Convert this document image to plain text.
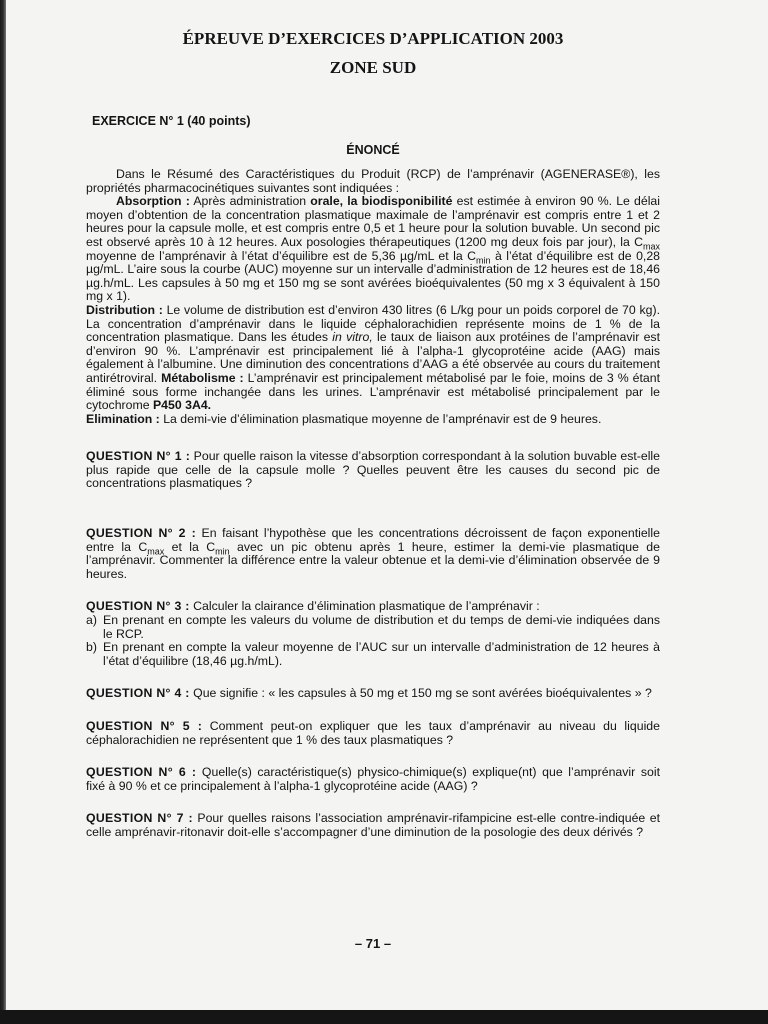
ÉPREUVE D’EXERCICES D’APPLICATION 2003
ZONE SUD
EXERCICE N° 1 (40 points)
ÉNONCÉ

Dans le Résumé des Caractéristiques du Produit (RCP) de l’amprénavir (AGENERASE®), les propriétés pharmacocinétiques suivantes sont indiquées :

Absorption : Après administration orale, la biodisponibilité est estimée à environ 90 %. Le délai moyen d’obtention de la concentration plasmatique maximale de l’amprénavir est compris entre 1 et 2 heures pour la capsule molle, et est compris entre 0,5 et 1 heure pour la solution buvable. Un second pic est observé après 10 à 12 heures. Aux posologies thérapeutiques (1200 mg deux fois par jour), la $C_{max}$ moyenne de l’amprénavir à l’état d’équilibre est de 5,36 µg/mL et la $C_{min}$ à l’état d’équilibre est de 0,28 µg/mL. L’aire sous la courbe (AUC) moyenne sur un intervalle d’administration de 12 heures est de 18,46 µg.h/mL. Les capsules à 50 mg et 150 mg se sont avérées bioéquivalentes (50 mg x 3 équivalent à 150 mg x 1).

Distribution : Le volume de distribution est d’environ 430 litres (6 L/kg pour un poids corporel de 70 kg). La concentration d’amprénavir dans le liquide céphalorachidien représente moins de 1 % de la concentration plasmatique. Dans les études in vitro, le taux de liaison aux protéines de l’amprénavir est d’environ 90 %. L’amprénavir est principalement lié à l’alpha-1 glycoprotéine acide (AAG) mais également à l’albumine. Une diminution des concentrations d’AAG a été observée au cours du traitement antirétroviral. Métabolisme : L’amprénavir est principalement métabolisé par le foie, moins de 3 % étant éliminé sous forme inchangée dans les urines. L’amprénavir est métabolisé principalement par le cytochrome P450 3A4.

Elimination : La demi-vie d’élimination plasmatique moyenne de l’amprénavir est de 9 heures.

QUESTION N° 1 : Pour quelle raison la vitesse d’absorption correspondant à la solution buvable est-elle plus rapide que celle de la capsule molle ? Quelles peuvent être les causes du second pic de concentrations plasmatiques ?

QUESTION N° 2 : En faisant l’hypothèse que les concentrations décroissent de façon exponentielle entre la $C_{max}$ et la $C_{min}$ avec un pic obtenu après 1 heure, estimer la demi-vie plasmatique de l’amprénavir. Commenter la différence entre la valeur obtenue et la demi-vie d’élimination observée de 9 heures.

QUESTION N° 3 : Calculer la clairance d’élimination plasmatique de l’amprénavir :

a) En prenant en compte les valeurs du volume de distribution et du temps de demi-vie indiquées dans le RCP.
b) En prenant en compte la valeur moyenne de l’AUC sur un intervalle d’administration de 12 heures à l’état d’équilibre (18,46 µg.h/mL).

QUESTION N° 4 : Que signifie : « les capsules à 50 mg et 150 mg se sont avérées bioéquivalentes » ?

QUESTION N° 5 : Comment peut-on expliquer que les taux d’amprénavir au niveau du liquide céphalorachidien ne représentent que 1 % des taux plasmatiques ?

QUESTION N° 6 : Quelle(s) caractéristique(s) physico-chimique(s) explique(nt) que l’amprénavir soit fixé à 90 % et ce principalement à l’alpha-1 glycoprotéine acide (AAG) ?

QUESTION N° 7 : Pour quelles raisons l’association amprénavir-rifampicine est-elle contre-indiquée et celle amprénavir-ritonavir doit-elle s’accompagner d’une diminution de la posologie des deux dérivés ?

– 71 –
